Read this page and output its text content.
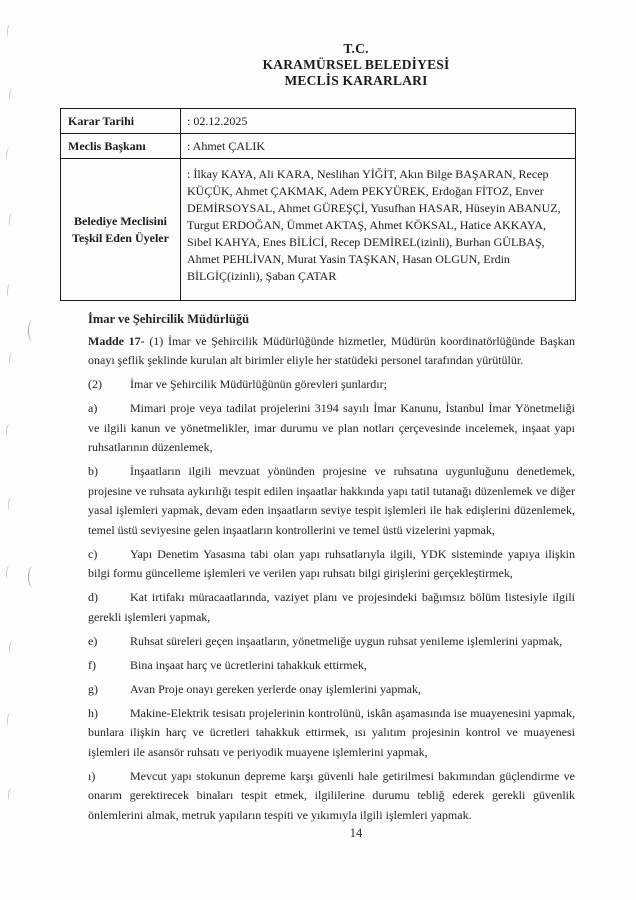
T.C.
KARAMÜRSEL BELEDİYESİ
MECLİS KARARLARI
Karar Tarihi	: 02.12.2025
Meclis Başkanı	: Ahmet ÇALIK
Belediye Meclisini Teşkil Eden Üyeler	: İlkay KAYA, Ali KARA, Neslihan YİĞİT, Akın Bilge BAŞARAN, Recep KÜÇÜK, Ahmet ÇAKMAK, Adem PEKYÜREK, Erdoğan FİTOZ, Enver DEMİRSOYSAL, Ahmet GÜREŞÇİ, Yusufhan HASAR, Hüseyin ABANUZ, Turgut ERDOĞAN, Ümmet AKTAŞ, Ahmet KÖKSAL, Hatice AKKAYA, Sibel KAHYA, Enes BİLİCİ, Recep DEMİREL(izinli), Burhan GÜLBAŞ, Ahmet PEHLİVAN, Murat Yasin TAŞKAN, Hasan OLGUN, Erdin BİLGİÇ(izinli), Şaban ÇATAR
İmar ve Şehircilik Müdürlüğü

Madde 17- (1) İmar ve Şehircilik Müdürlüğünde hizmetler, Müdürün koordinatörlüğünde Başkan onayı şeflik şeklinde kurulan alt birimler eliyle her statüdeki personel tarafından yürütülür.

(2) İmar ve Şehircilik Müdürlüğünün görevleri şunlardır;

a)	Mimari proje veya tadilat projelerini 3194 sayılı İmar Kanunu, İstanbul İmar Yönetmeliği ve ilgili kanun ve yönetmelikler, imar durumu ve plan notları çerçevesinde incelemek, inşaat yapı ruhsatlarının düzenlemek,

b)	İnşaatların ilgili mevzuat yönünden projesine ve ruhsatına uygunluğunu denetlemek, projesine ve ruhsata aykırılığı tespit edilen inşaatlar hakkında yapı tatil tutanağı düzenlemek ve diğer yasal işlemleri yapmak, devam eden inşaatların seviye tespit işlemleri ile hak edişlerini düzenlemek, temel üstü seviyesine gelen inşaatların kontrollerini ve temel üstü vizelerini yapmak,

c)	Yapı Denetim Yasasına tabi olan yapı ruhsatlarıyla ilgili, YDK sisteminde yapıya ilişkin bilgi formu güncelleme işlemleri ve verilen yapı ruhsatı bilgi girişlerini gerçekleştirmek,

d)	Kat irtifakı müracaatlarında, vaziyet planı ve projesindeki bağımsız bölüm listesiyle ilgili gerekli işlemleri yapmak,

e)	Ruhsat süreleri geçen inşaatların, yönetmeliğe uygun ruhsat yenileme işlemlerini yapmak,

f)	Bina inşaat harç ve ücretlerini tahakkuk ettirmek,

g)	Avan Proje onayı gereken yerlerde onay işlemlerini yapmak,

h)	Makine-Elektrik tesisatı projelerinin kontrolünü, iskân aşamasında ise muayenesini yapmak, bunlara ilişkin harç ve ücretleri tahakkuk ettirmek, ısı yalıtım projesinin kontrol ve muayenesi işlemleri ile asansör ruhsatı ve periyodik muayene işlemlerini yapmak,

ı)	Mevcut yapı stokunun depreme karşı güvenli hale getirilmesi bakımından güçlendirme ve onarım gerektirecek binaları tespit etmek, ilgililerine durumu tebliğ ederek gerekli güvenlik önlemlerini almak, metruk yapıların tespiti ve yıkımıyla ilgili işlemleri yapmak.

14
